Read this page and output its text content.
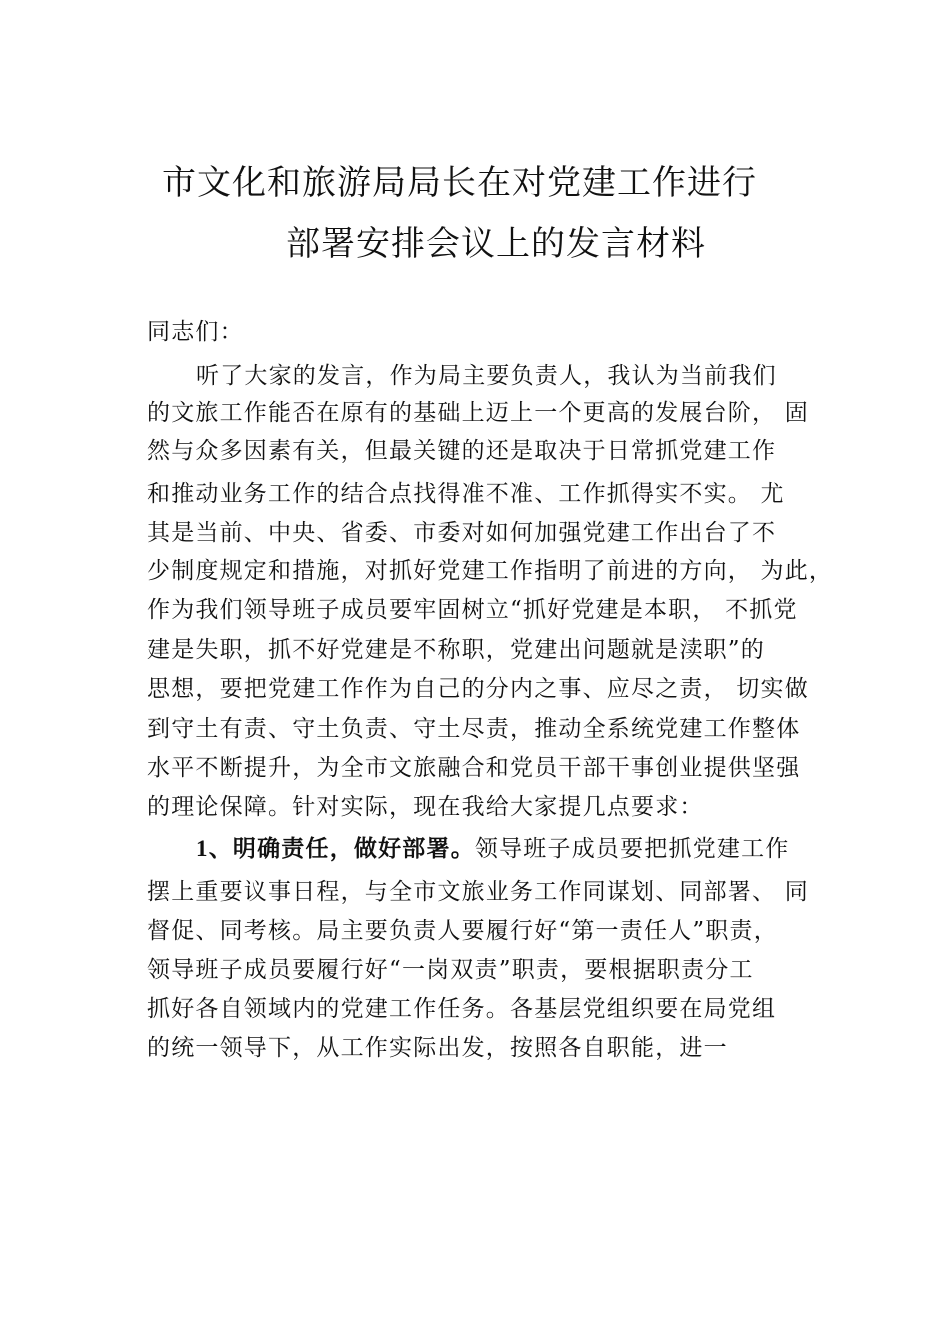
市文化和旅游局局长在对党建工作进行
部署安排会议上的发言材料
同志们：
听了大家的发言，作为局主要负责人，我认为当前我们
的文旅工作能否在原有的基础上迈上一个更高的发展台阶， 固
然与众多因素有关，但最关键的还是取决于日常抓党建工作
和推动业务工作的结合点找得准不准、工作抓得实不实。 尤
其是当前、中央、省委、市委对如何加强党建工作出台了不
少制度规定和措施，对抓好党建工作指明了前进的方向， 为此，
作为我们领导班子成员要牢固树立“抓好党建是本职， 不抓党
建是失职，抓不好党建是不称职，党建出问题就是渎职”的
思想，要把党建工作作为自己的分内之事、应尽之责， 切实做
到守土有责、守土负责、守土尽责，推动全系统党建工作整体
水平不断提升，为全市文旅融合和党员干部干事创业提供坚强
的理论保障。针对实际，现在我给大家提几点要求：
1、明确责任，做好部署。领导班子成员要把抓党建工作
摆上重要议事日程，与全市文旅业务工作同谋划、同部署、 同
督促、同考核。局主要负责人要履行好“第一责任人”职责，
领导班子成员要履行好“一岗双责”职责，要根据职责分工
抓好各自领域内的党建工作任务。各基层党组织要在局党组
的统一领导下，从工作实际出发，按照各自职能，进一
